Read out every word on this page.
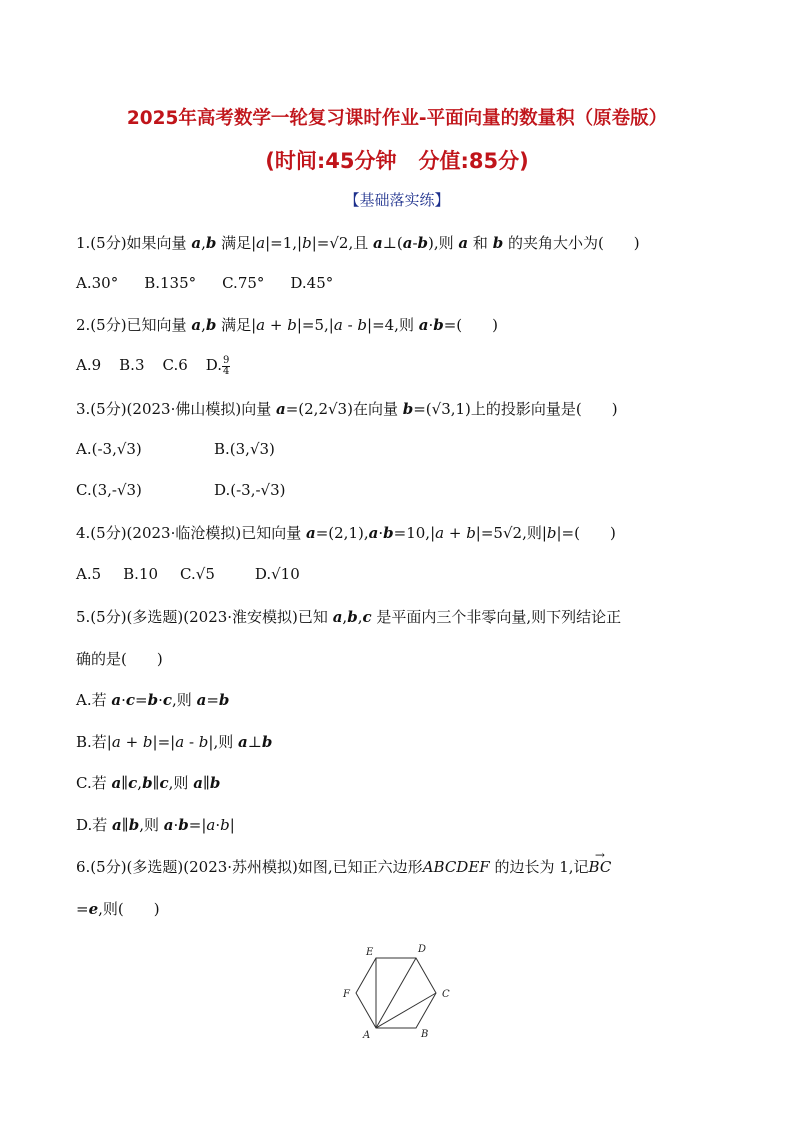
2025年高考数学一轮复习课时作业-平面向量的数量积（原卷版）
(时间:45分钟 分值:85分)
【基础落实练】
1.(5分)如果向量 a,b 满足|a|=1,|b|=√2,且 a⊥(a-b),则 a 和 b 的夹角大小为(　　)
A.30° B.135° C.75° D.45°
2.(5分)已知向量 a,b 满足|a + b|=5,|a - b|=4,则 a·b=(　　)
A.9 B.3 C.6 D. $\frac{9}{4}$
3.(5分)(2023·佛山模拟)向量 a=(2,2√3)在向量 b=(√3,1)上的投影向量是(　　)
A.(-3,√3)	B.(3,√3)
C.(3,-√3)	D.(-3,-√3)
4.(5分)(2023·临沧模拟)已知向量 a=(2,1),a·b=10,|a + b|=5√2,则|b|=(　　)
A.5 B.10 C.√5	D.√10
5.(5分)(多选题)(2023·淮安模拟)已知 a,b,c 是平面内三个非零向量,则下列结论正
确的是(　　)
A.若 a·c=b·c,则 a=b
B.若|a + b|=|a - b|,则 a⊥b
C.若 a∥c,b∥c,则 a∥b
D.若 a∥b,则 a·b=|a·b|
6.(5分)(多选题)(2023·苏州模拟)如图,已知正六边形ABCDEF 的边长为 1,记→ BC
=e,则(　　)
A	B
C
D
E
F
